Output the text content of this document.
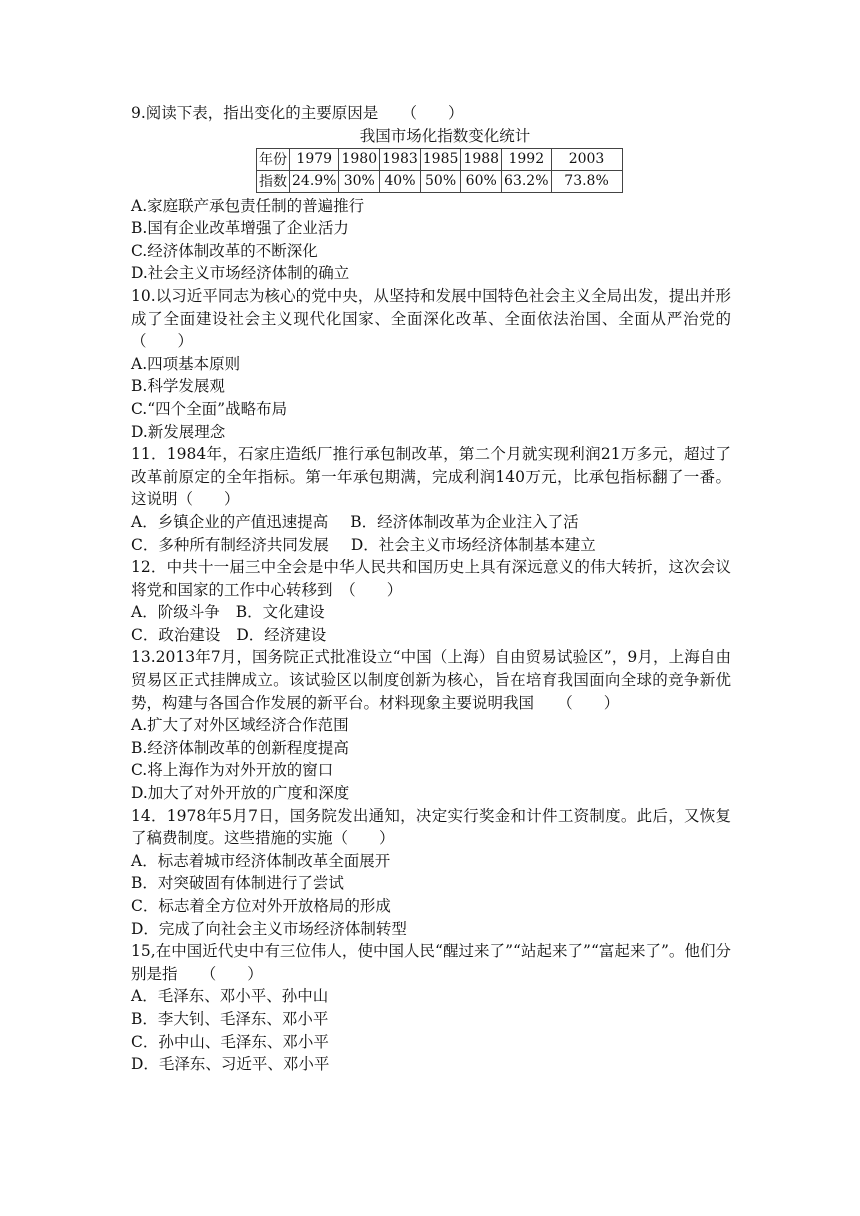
9.阅读下表，指出变化的主要原因是　　（　　）
我国市场化指数变化统计
年份	1979	1980	1983	1985	1988	1992	2003
指数	24.9%	30%	40%	50%	60%	63.2%	73.8%
A.家庭联产承包责任制的普遍推行
B.国有企业改革增强了企业活力
C.经济体制改革的不断深化
D.社会主义市场经济体制的确立
10.以习近平同志为核心的党中央，从坚持和发展中国特色社会主义全局出发，提出并形成了全面建设社会主义现代化国家、全面深化改革、全面依法治国、全面从严治党的　（　　）
A.四项基本原则
B.科学发展观
C.“四个全面”战略布局
D.新发展理念
11．1984年，石家庄造纸厂推行承包制改革，第二个月就实现利润21万多元，超过了改革前原定的全年指标。第一年承包期满，完成利润140万元，比承包指标翻了一番。这说明（　　）
A．乡镇企业的产值迅速提高 B．经济体制改革为企业注入了活
C．多种所有制经济共同发展 D．社会主义市场经济体制基本建立
12．中共十一届三中全会是中华人民共和国历史上具有深远意义的伟大转折，这次会议将党和国家的工作中心转移到　（　　）
A．阶级斗争 B．文化建设
C．政治建设 D．经济建设
13.2013年7月，国务院正式批准设立“中国（上海）自由贸易试验区”，9月，上海自由贸易区正式挂牌成立。该试验区以制度创新为核心，旨在培育我国面向全球的竞争新优势，构建与各国合作发展的新平台。材料现象主要说明我国　　（　　）
A.扩大了对外区域经济合作范围
B.经济体制改革的创新程度提高
C.将上海作为对外开放的窗口
D.加大了对外开放的广度和深度
14．1978年5月7日，国务院发出通知，决定实行奖金和计件工资制度。此后，又恢复了稿费制度。这些措施的实施（　　）
A．标志着城市经济体制改革全面展开
B．对突破固有体制进行了尝试
C．标志着全方位对外开放格局的形成
D．完成了向社会主义市场经济体制转型
15,在中国近代史中有三位伟人，使中国人民“醒过来了”“站起来了”“富起来了”。他们分别是指　　（　　）
A．毛泽东、邓小平、孙中山
B．李大钊、毛泽东、邓小平
C．孙中山、毛泽东、邓小平
D．毛泽东、习近平、邓小平
